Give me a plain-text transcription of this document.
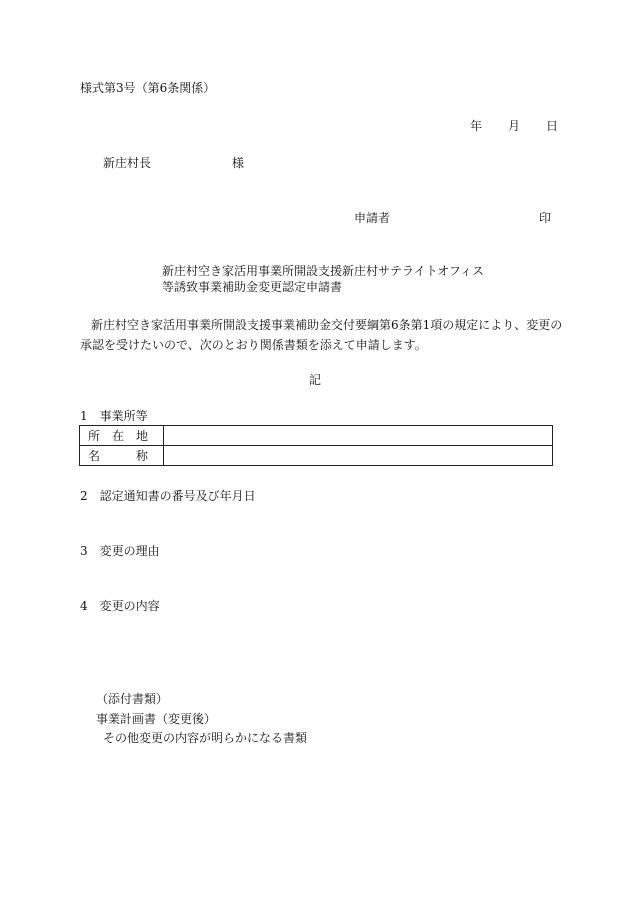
様式第3号（第6条関係）
年 月 日
新庄村長	様
申請者	印
新庄村空き家活用事業所開設支援新庄村サテライトオフィス
等誘致事業補助金変更認定申請書
新庄村空き家活用事業所開設支援事業補助金交付要綱第6条第1項の規定により、変更の
承認を受けたいので、次のとおり関係書類を添えて申請します。
記
1　事業所等
所　在　地	
名　　　称	
2　認定通知書の番号及び年月日
3　変更の理由
4　変更の内容
（添付書類）
事業計画書（変更後）
その他変更の内容が明らかになる書類
